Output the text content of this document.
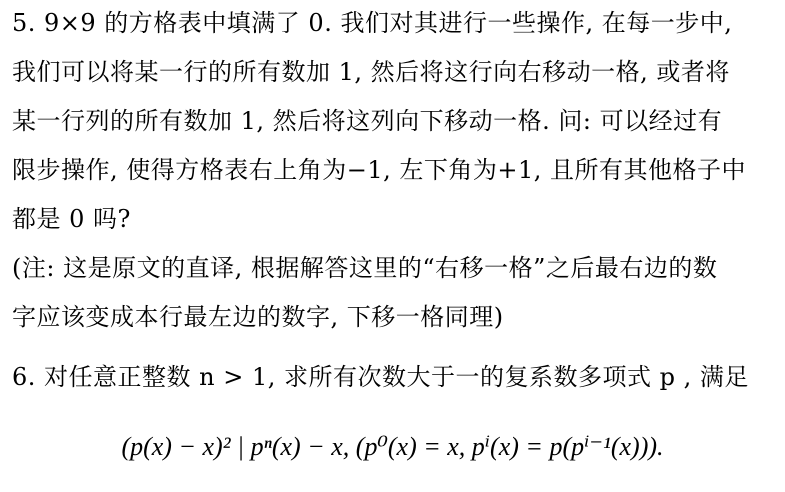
5. 9×9 的方格表中填满了 0. 我们对其进行一些操作, 在每一步中,
我们可以将某一行的所有数加 1, 然后将这行向右移动一格, 或者将
某一行列的所有数加 1, 然后将这列向下移动一格. 问: 可以经过有
限步操作, 使得方格表右上角为−1, 左下角为+1, 且所有其他格子中
都是 0 吗?
(注: 这是原文的直译, 根据解答这里的“右移一格”之后最右边的数
字应该变成本行最左边的数字, 下移一格同理)
6. 对任意正整数 n > 1, 求所有次数大于一的复系数多项式 p , 满足
(p(x) − x)² | pⁿ(x) − x, (p⁰(x) = x, pⁱ(x) = p(pⁱ⁻¹(x))).
